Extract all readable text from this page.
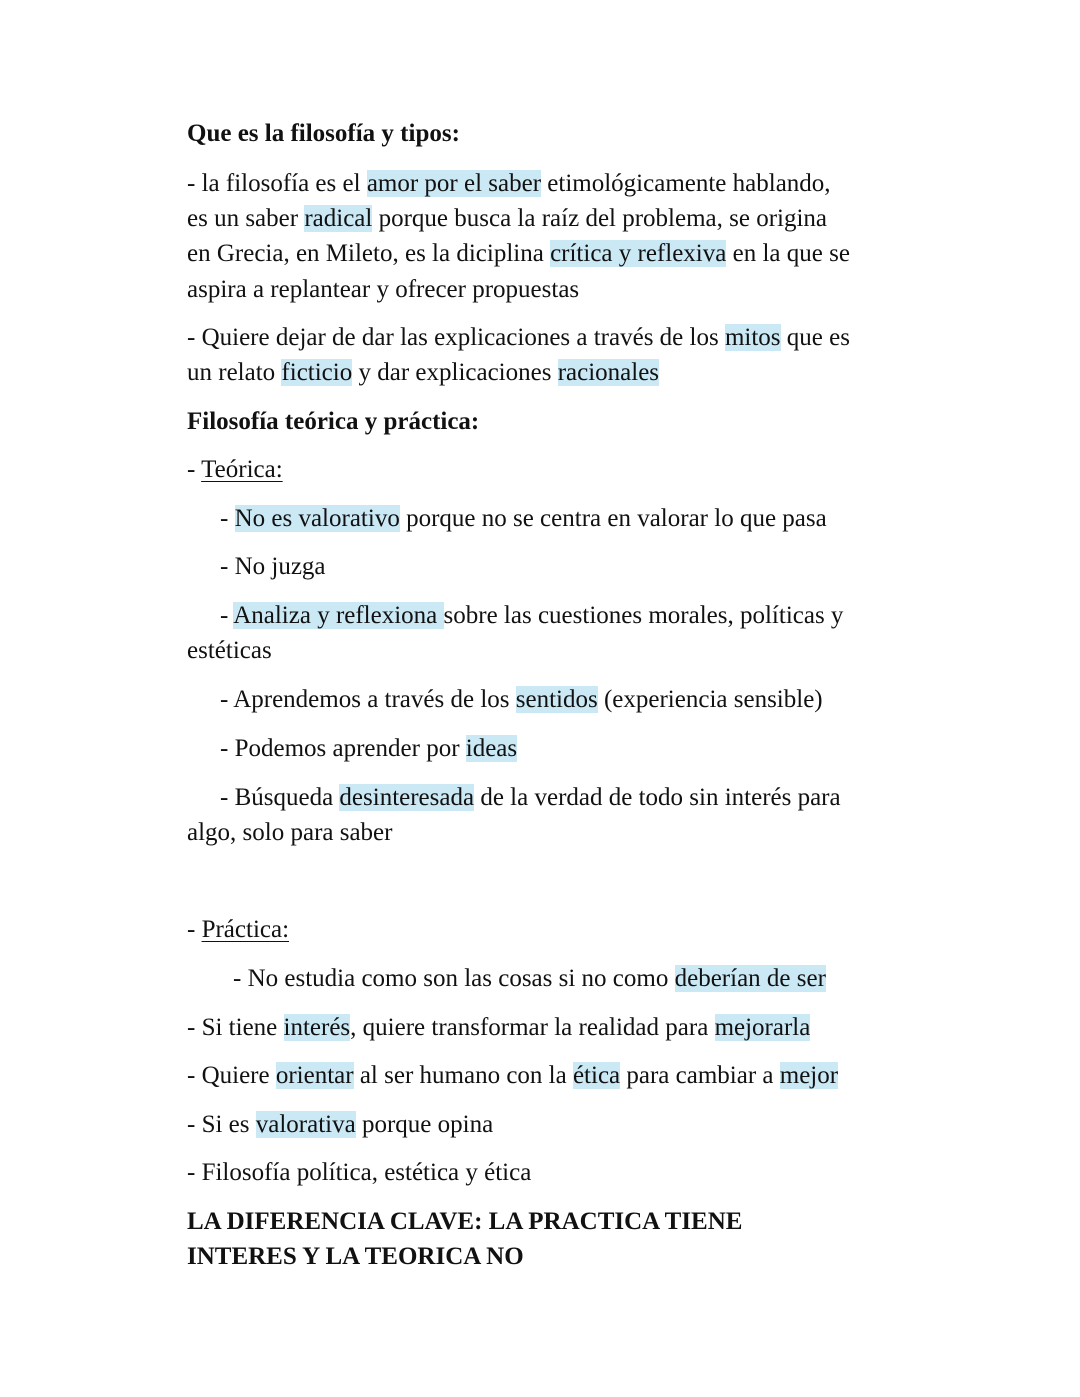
Que es la filosofía y tipos:
- la filosofía es el amor por el saber etimológicamente hablando,
es un saber radical porque busca la raíz del problema, se origina
en Grecia, en Mileto, es la diciplina crítica y reflexiva en la que se
aspira a replantear y ofrecer propuestas
- Quiere dejar de dar las explicaciones a través de los mitos que es
un relato ficticio y dar explicaciones racionales
Filosofía teórica y práctica:
- Teórica:
- No es valorativo porque no se centra en valorar lo que pasa
- No juzga
- Analiza y reflexiona sobre las cuestiones morales, políticas y
estéticas
- Aprendemos a través de los sentidos (experiencia sensible)
- Podemos aprender por ideas
- Búsqueda desinteresada de la verdad de todo sin interés para
algo, solo para saber
- Práctica:
- No estudia como son las cosas si no como deberían de ser
- Si tiene interés, quiere transformar la realidad para mejorarla
- Quiere orientar al ser humano con la ética para cambiar a mejor
- Si es valorativa porque opina
- Filosofía política, estética y ética
LA DIFERENCIA CLAVE: LA PRACTICA TIENE
INTERES Y LA TEORICA NO
